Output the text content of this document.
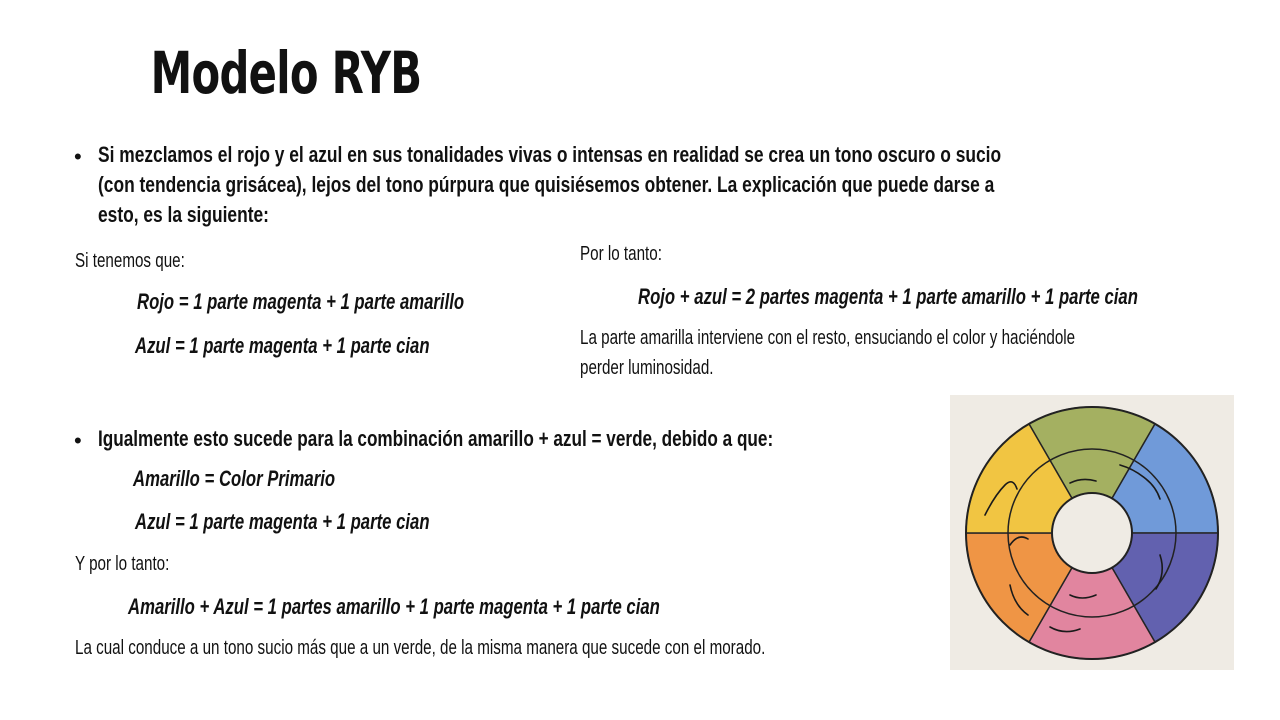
Modelo RYB
• Si mezclamos el rojo y el azul en sus tonalidades vivas o intensas en realidad se crea un tono oscuro o sucio
(con tendencia grisácea), lejos del tono púrpura que quisiésemos obtener. La explicación que puede darse a
esto, es la siguiente:
Si tenemos que:
Rojo = 1 parte magenta + 1 parte amarillo
Azul = 1 parte magenta + 1 parte cian
Por lo tanto:
Rojo + azul = 2 partes magenta + 1 parte amarillo + 1 parte cian
La parte amarilla interviene con el resto, ensuciando el color y haciéndole
perder luminosidad.
• Igualmente esto sucede para la combinación amarillo + azul = verde, debido a que:
Amarillo = Color Primario
Azul = 1 parte magenta + 1 parte cian
Y por lo tanto:
Amarillo + Azul = 1 partes amarillo + 1 parte magenta + 1 parte cian
La cual conduce a un tono sucio más que a un verde, de la misma manera que sucede con el morado.
